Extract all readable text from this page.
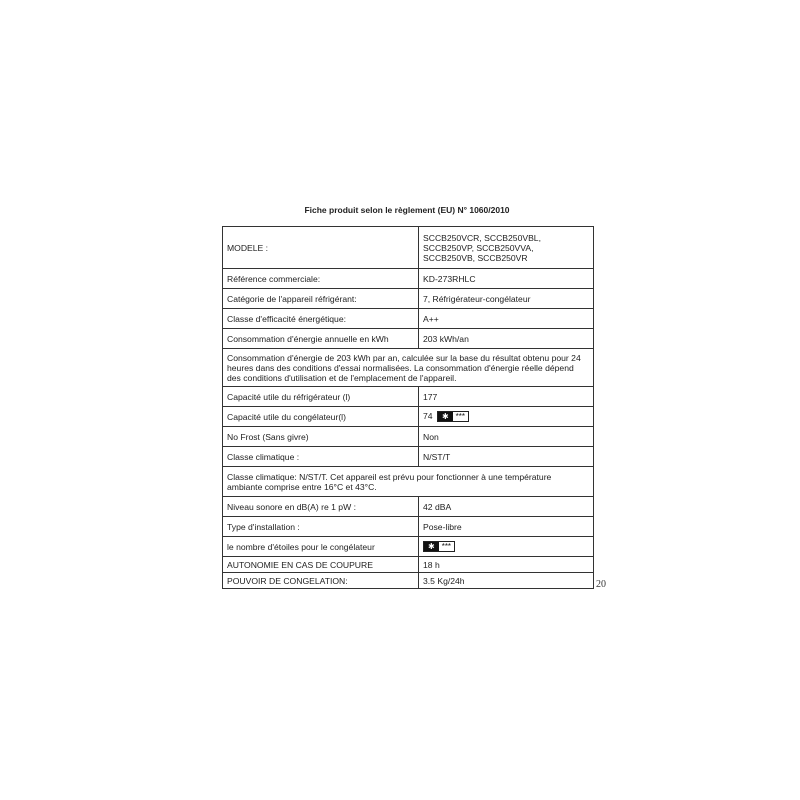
Fiche produit selon le règlement (EU) N° 1060/2010
MODELE :	SCCB250VCR, SCCB250VBL,
SCCB250VP, SCCB250VVA,
SCCB250VB, SCCB250VR
Référence commerciale:	KD-273RHLC
Catégorie de l'appareil réfrigérant:	7, Réfrigérateur-congélateur
Classe d'efficacité énergétique:	A++
Consommation d'énergie annuelle en kWh	203 kWh/an
Consommation d'énergie de 203 kWh par an, calculée sur la base du résultat obtenu pour 24 heures dans des conditions d'essai normalisées. La consommation d'énergie réelle dépend des conditions d'utilisation et de l'emplacement de l'appareil.	
Capacité utile du réfrigérateur (l)	177
Capacité utile du congélateur(l)	74 ✱ ***
No Frost (Sans givre)	Non
Classe climatique :	N/ST/T
Classe climatique: N/ST/T. Cet appareil est prévu pour fonctionner à une température ambiante comprise entre 16°C et 43°C.	
Niveau sonore en dB(A) re 1 pW :	42 dBA
Type d'installation :	Pose-libre
le nombre d'étoiles pour le congélateur	✱ ***
AUTONOMIE EN CAS DE COUPURE	18 h
POUVOIR DE CONGELATION:	3.5 Kg/24h	20
